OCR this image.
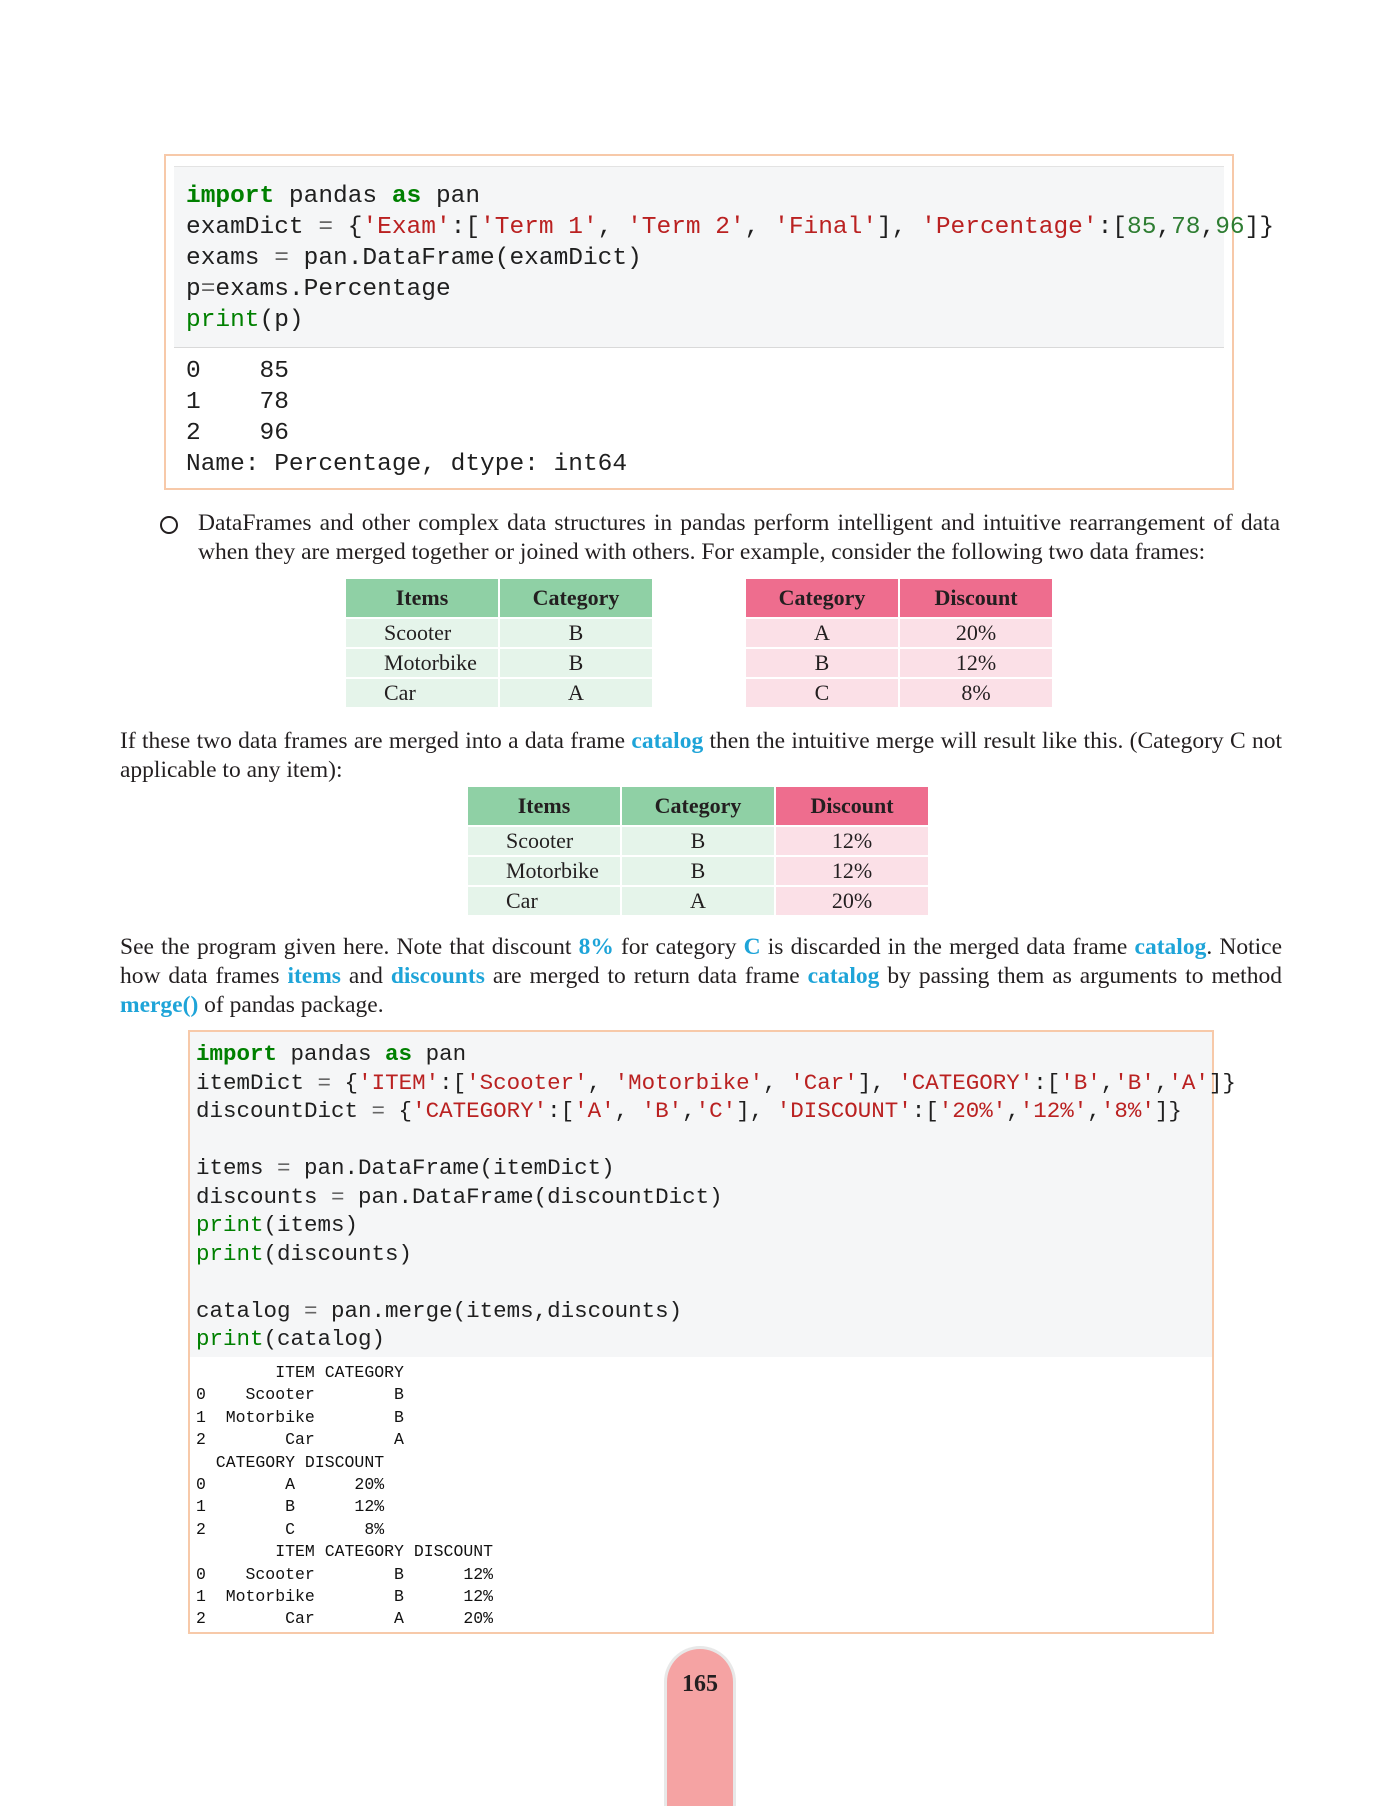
import pandas as pan
examDict = {'Exam':['Term 1', 'Term 2', 'Final'], 'Percentage':[85,78,96]}
exams = pan.DataFrame(examDict)
p=exams.Percentage
print(p)
0    85
1    78
2    96
Name: Percentage, dtype: int64
DataFrames and other complex data structures in pandas perform intelligent and intuitive rearrangement of data when they are merged together or joined with others. For example, consider the following two data frames:
Items	Category
Scooter	B
Motorbike	B
Car	A
Category	Discount
A	20%
B	12%
C	8%
If these two data frames are merged into a data frame catalog then the intuitive merge will result like this. (Category C not applicable to any item):
Items	Category	Discount
Scooter	B	12%
Motorbike	B	12%
Car	A	20%
See the program given here. Note that discount 8% for category C is discarded in the merged data frame catalog. Notice how data frames items and discounts are merged to return data frame catalog by passing them as arguments to method merge() of pandas package.
import pandas as pan
itemDict = {'ITEM':['Scooter', 'Motorbike', 'Car'], 'CATEGORY':['B','B','A']}
discountDict = {'CATEGORY':['A', 'B','C'], 'DISCOUNT':['20%','12%','8%']}

items = pan.DataFrame(itemDict)
discounts = pan.DataFrame(discountDict)
print(items)
print(discounts)

catalog = pan.merge(items,discounts)
print(catalog)
ITEM CATEGORY
0    Scooter        B
1  Motorbike        B
2        Car        A
CATEGORY DISCOUNT
0        A      20%
1        B      12%
2        C       8%
ITEM CATEGORY DISCOUNT
0    Scooter        B      12%
1  Motorbike        B      12%
2        Car        A      20%
165
